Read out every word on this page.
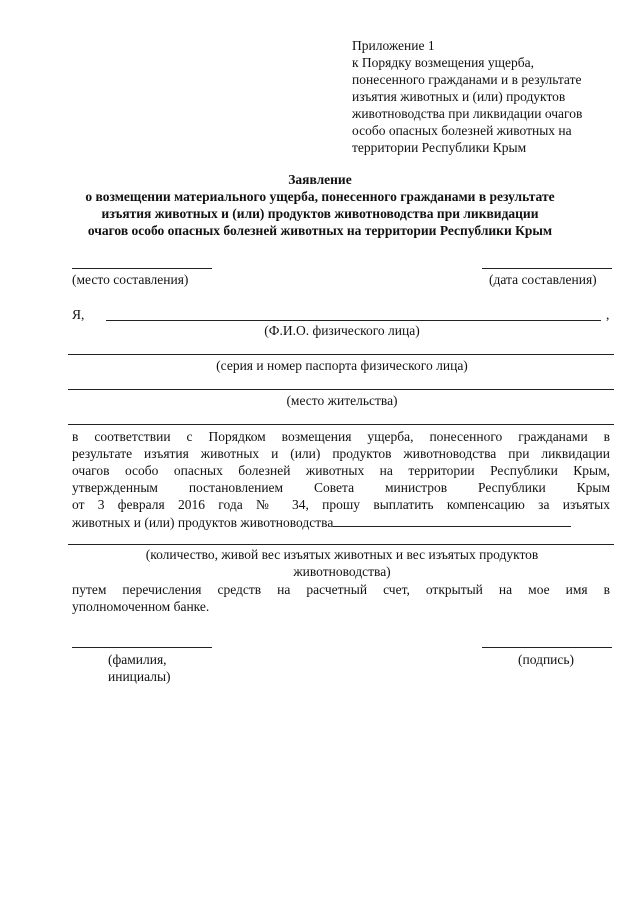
Приложение 1
к Порядку возмещения ущерба,
понесенного гражданами и в результате
изъятия животных и (или) продуктов
животноводства при ликвидации очагов
особо опасных болезней животных на
территории Республики Крым
Заявление
о возмещении материального ущерба, понесенного гражданами в результате
изъятия животных и (или) продуктов животноводства при ликвидации
очагов особо опасных болезней животных на территории Республики Крым
(место составления)	(дата составления)
Я,	,
(Ф.И.О. физического лица)
(серия и номер паспорта физического лица)
(место жительства)
в соответствии с Порядком возмещения ущерба, понесенного гражданами в
результате изъятия животных и (или) продуктов животноводства при ликвидации
очагов особо опасных болезней животных на территории Республики Крым,
утвержденным постановлением Совета министров Республики Крым
от 3 февраля 2016 года № 34, прошу выплатить компенсацию за изъятых
животных и (или) продуктов животноводства
(количество, живой вес изъятых животных и вес изъятых продуктов
животноводства)
путем перечисления средств на расчетный счет, открытый на мое имя в
уполномоченном банке.
(фамилия,
инициалы)
(подпись)
